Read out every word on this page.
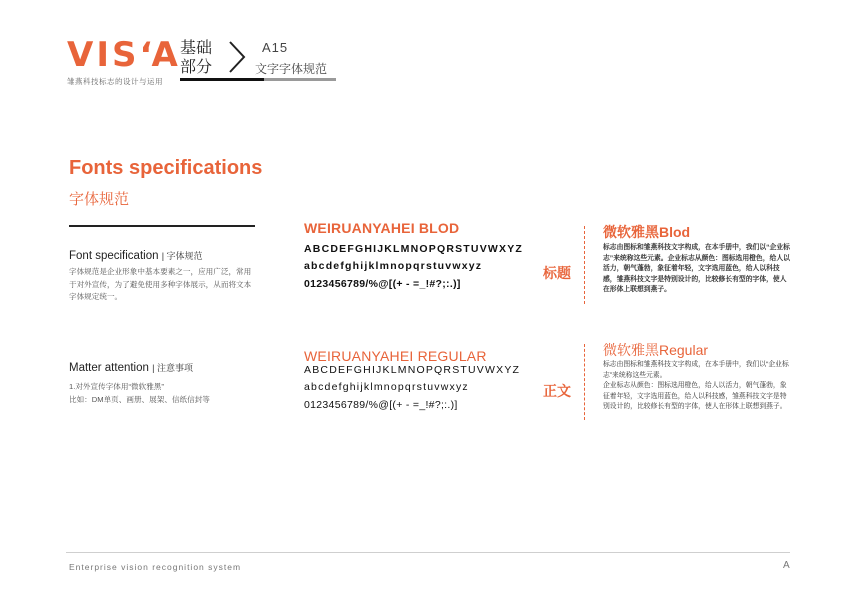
VIS‘A
雏燕科技标志的设计与运用
基础
部分
A15
文字字体规范
Fonts specifications
字体规范
Font specification | 字体规范
字体规范是企业形象中基本要素之一，应用广泛，常用于对外宣传，为了避免使用多种字体展示，从而将文本字体规定统一。
Matter attention | 注意事项
1.对外宣传字体用“微软雅黑”
比如：DM单页、画册、展架、信纸信封等
WEIRUANYAHEI BLOD
ABCDEFGHIJKLMNOPQRSTUVWXYZ
abcdefghijklmnopqrstuvwxyz
0123456789/%@[(+ - =_!#?;:.)]
标题
WEIRUANYAHEI REGULAR
ABCDEFGHIJKLMNOPQRSTUVWXYZ
abcdefghijklmnopqrstuvwxyz
0123456789/%@[(+ - =_!#?;:.)]
正文
微软雅黑Blod
标志由图标和雏燕科技文字构成，在本手册中，我们以“企业标志”来统称这些元素。企业标志从颜色：图标选用橙色，给人以活力，朝气蓬勃，象征着年轻，文字选用蓝色，给人以科技感，雏燕科技文字是特别设计的，比较修长有型的字体，使人在形体上联想到燕子。
微软雅黑Regular
标志由图标和雏燕科技文字构成，在本手册中，我们以“企业标志”来统称这些元素。
企业标志从颜色：图标选用橙色，给人以活力，朝气蓬勃，象征着年轻，文字选用蓝色，给人以科技感，雏燕科技文字是特别设计的，比较修长有型的字体，使人在形体上联想到燕子。
Enterprise vision recognition system	A
